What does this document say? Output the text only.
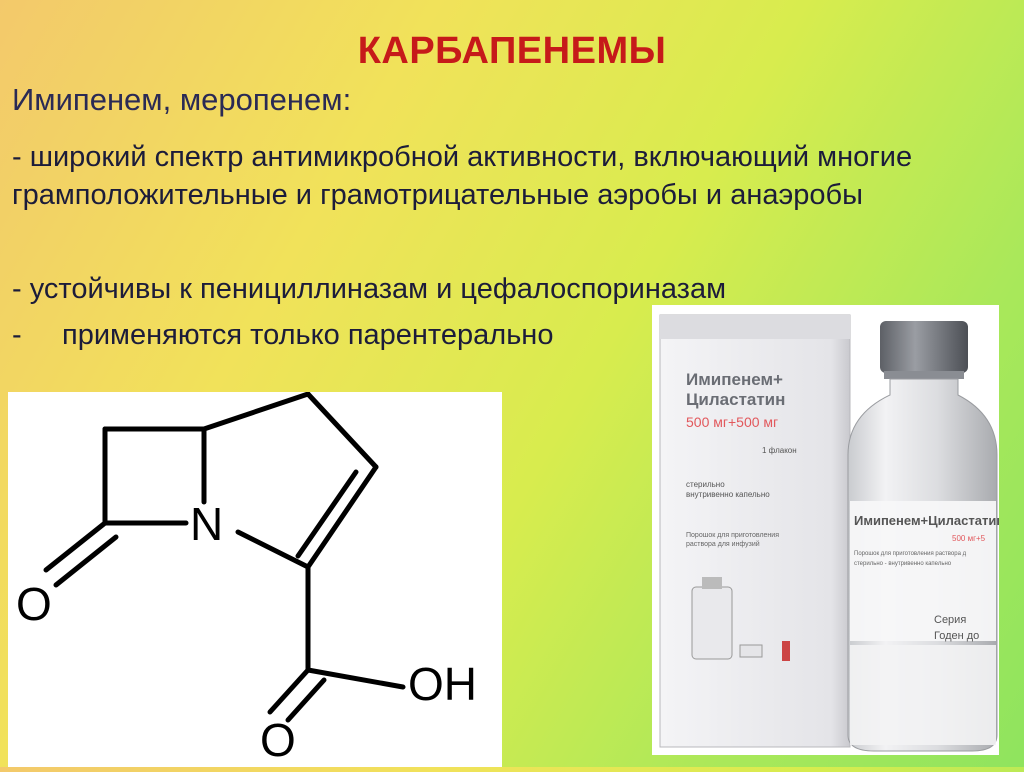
КАРБАПЕНЕМЫ
Имипенем, меропенем:
- широкий спектр антимикробной активности, включающий многие грамположительные и грамотрицательные аэробы и анаэробы
- устойчивы к пенициллиназам и цефалоспориназам
- применяются только парентерально
N
O
O
OH
Имипенем+
Циластатин
500 мг+500 мг
1 флакон
стерильно
внутривенно капельно
Порошок для приготовления
раствора для инфузий
Имипенем+Циластатин
500 мг+5
Порошок для приготовления раствора д
стерильно - внутривенно капельно
Серия
Годен до
